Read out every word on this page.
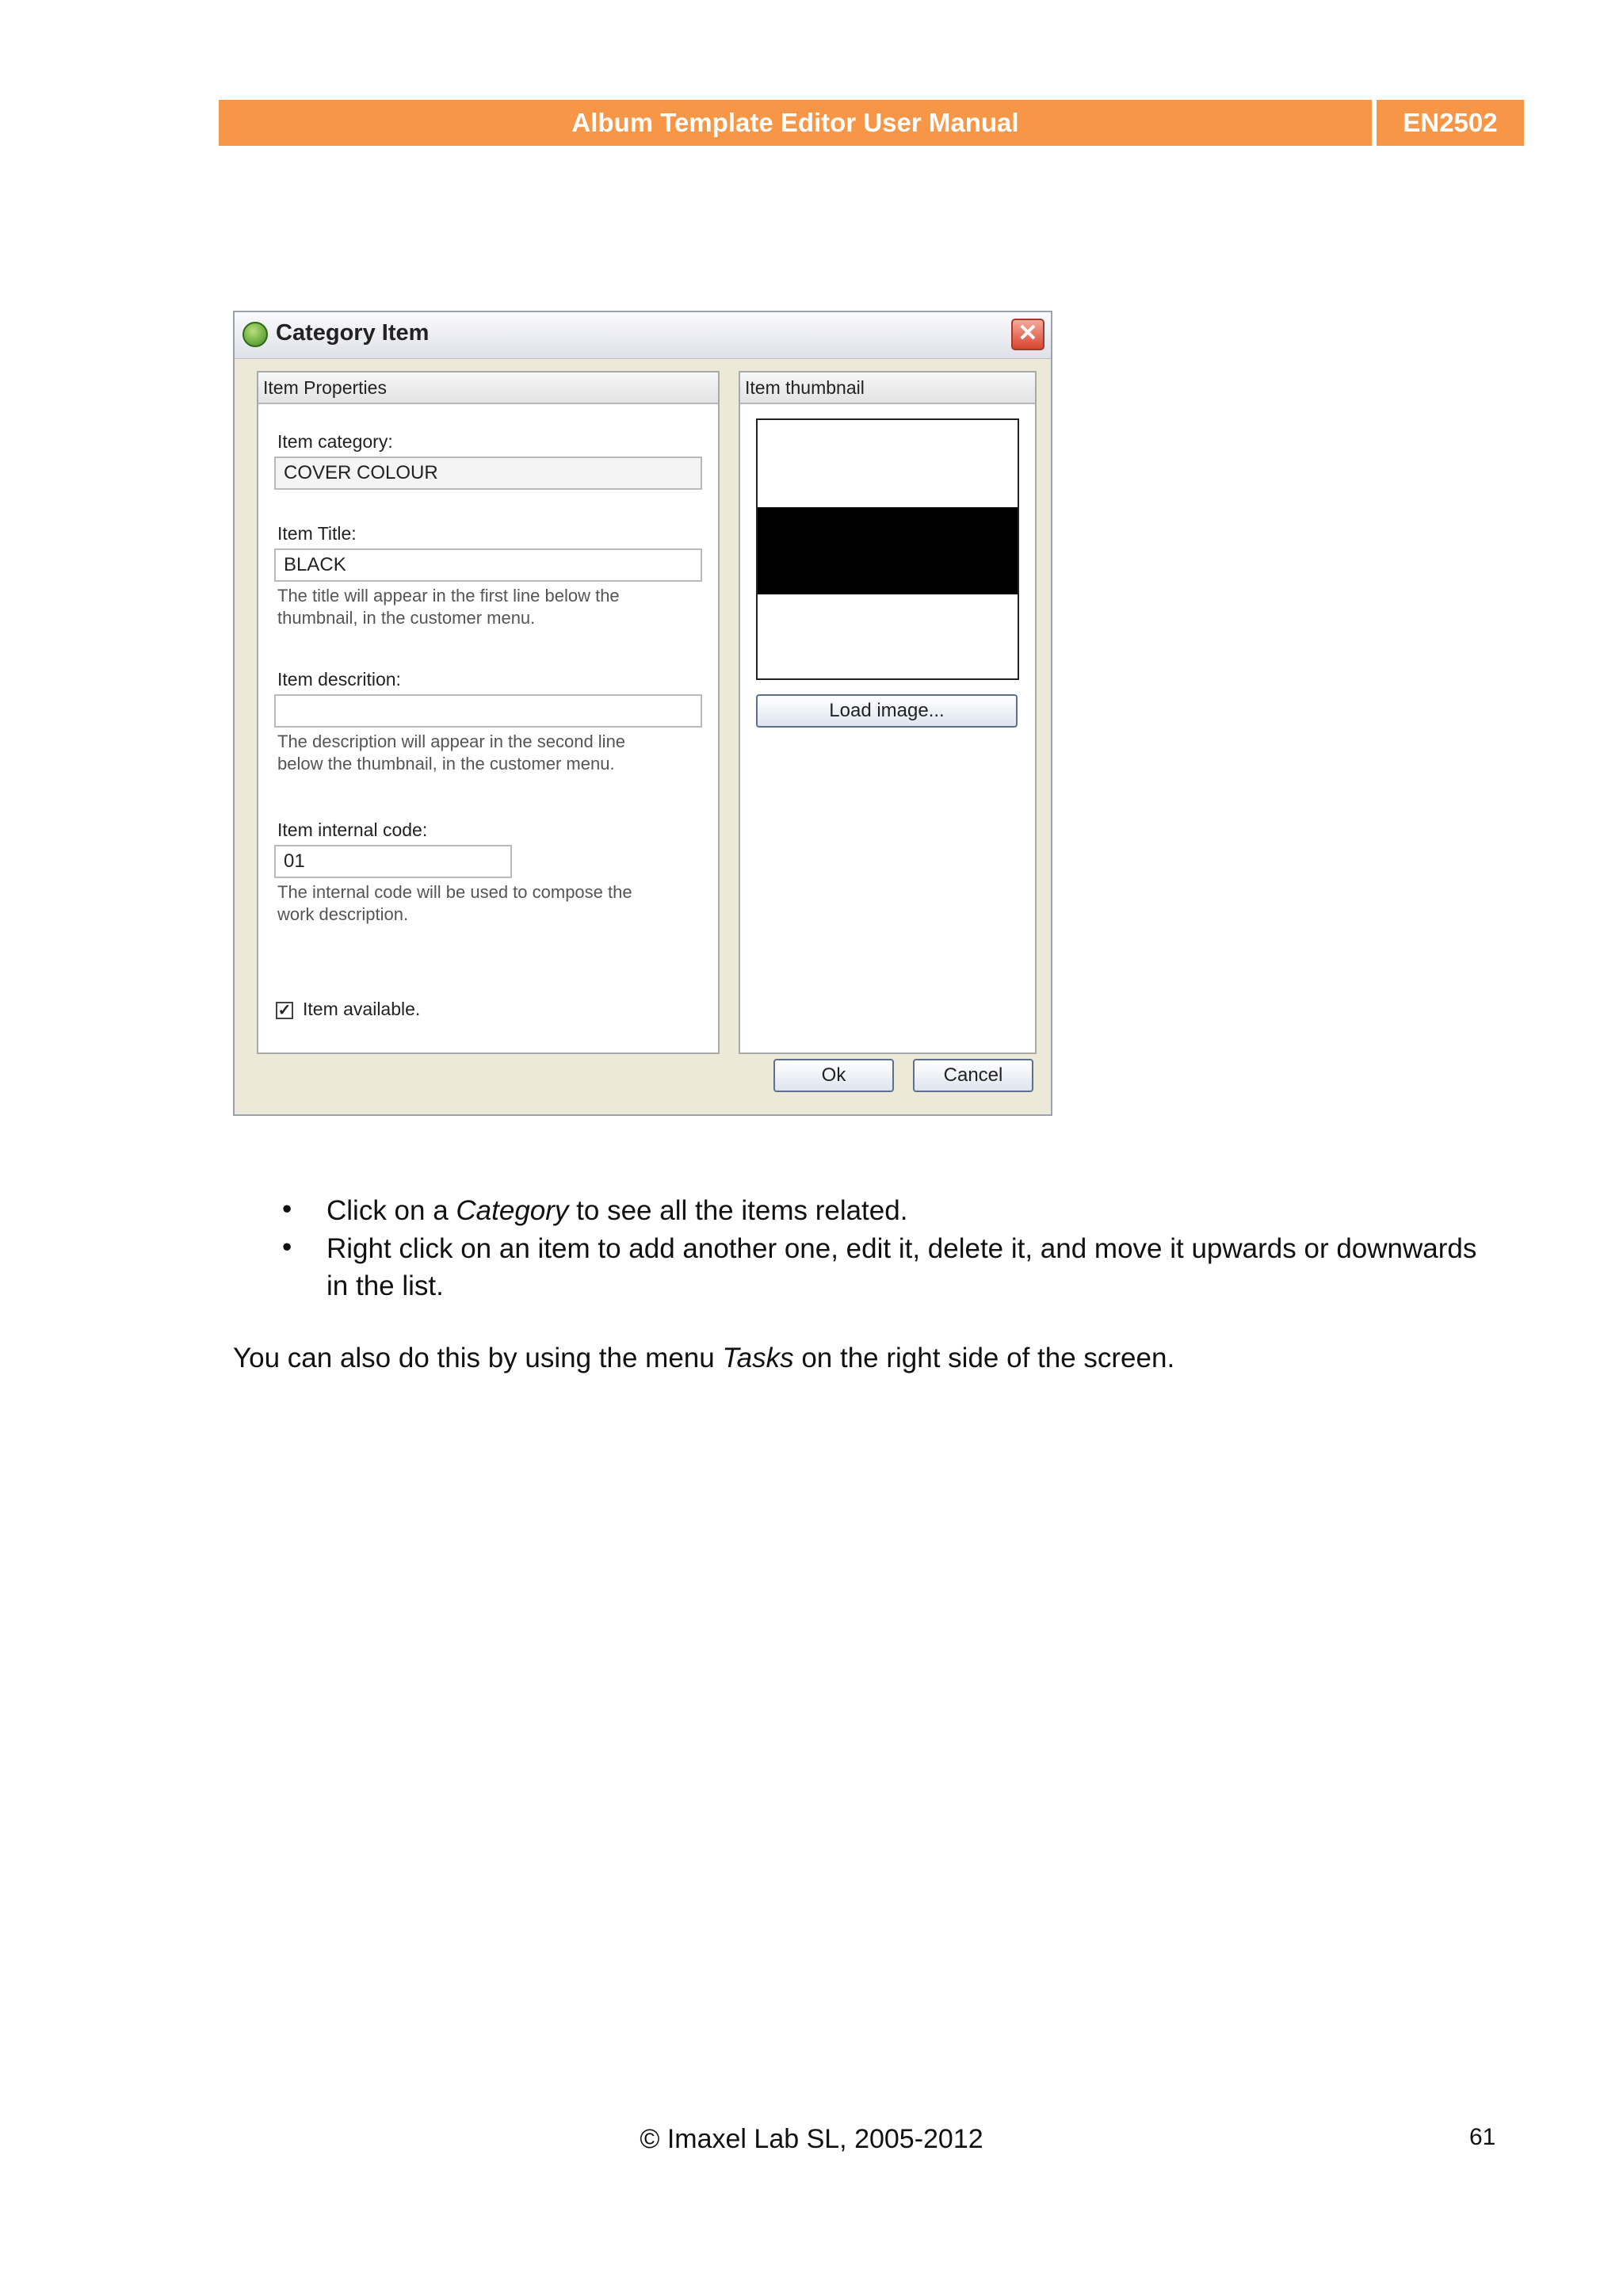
Album Template Editor User Manual	EN2502
Category Item	✕
Item Properties
Item category:
COVER COLOUR
Item Title:
BLACK
The title will appear in the first line below the
thumbnail, in the customer menu.
Item descrition:
The description will appear in the second line
below the thumbnail, in the customer menu.
Item internal code:
01
The internal code will be used to compose the
work description.
✓ Item available.
Item thumbnail
Load image...
Ok	Cancel
• Click on a Category to see all the items related.
• Right click on an item to add another one, edit it, delete it, and move it upwards or downwards
in the list.
You can also do this by using the menu Tasks on the right side of the screen.
© Imaxel Lab SL, 2005-2012	61
